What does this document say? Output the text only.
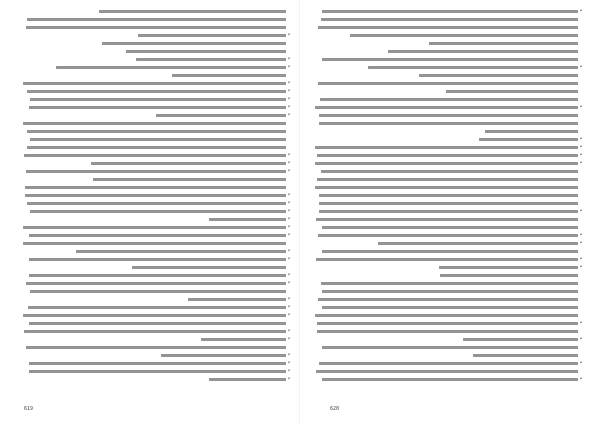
•
•
•
•
•
•
•
•
•
•
•
•
•
•
•
•
•
•
•
•
•
•
•
•
•
•
•
•
•
•
•
•
•
•
•
•
•
•
•
•
•
•
•
•
•
•
619	620
